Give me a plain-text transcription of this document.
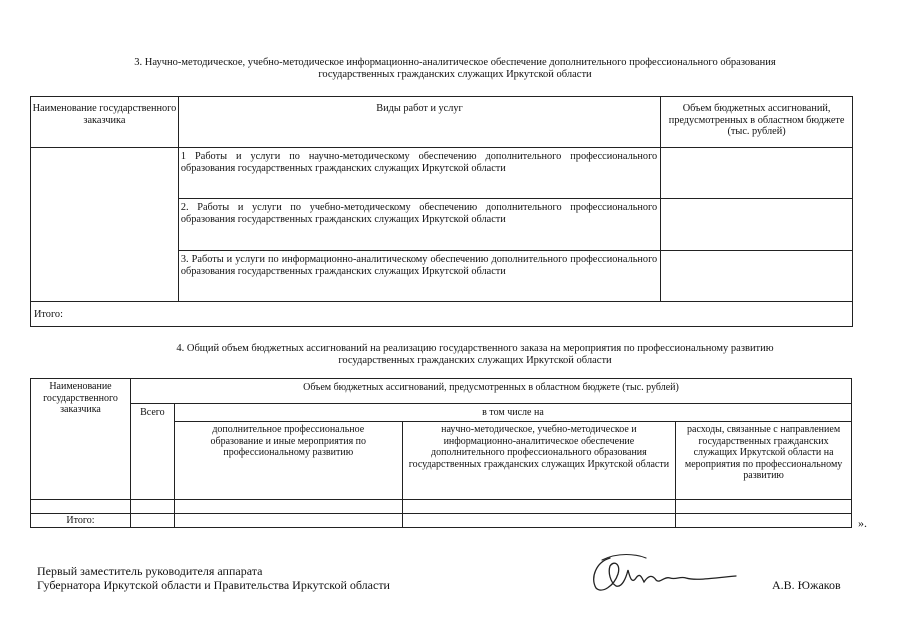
3. Научно-методическое, учебно-методическое информационно-аналитическое обеспечение дополнительного профессионального образования
государственных гражданских служащих Иркутской области
Наименование государственного заказчика	Виды работ и услуг	Объем бюджетных ассигнований, предусмотренных в областном бюджете (тыс. рублей)
	1 Работы и услуги по научно-методическому обеспечению дополнительного профессионального образования государственных гражданских служащих Иркутской области	
	2. Работы и услуги по учебно-методическому обеспечению дополнительного профессионального образования государственных гражданских служащих Иркутской области	
	3. Работы и услуги по информационно-аналитическому обеспечению дополнительного профессионального образования государственных гражданских служащих Иркутской области	
Итого:		
4. Общий объем бюджетных ассигнований на реализацию государственного заказа на мероприятия по профессиональному развитию
государственных гражданских служащих Иркутской области
Наименование государственного заказчика	Объем бюджетных ассигнований, предусмотренных в областном бюджете (тыс. рублей)			
	Всего	в том числе на		
		дополнительное профессиональное образование и иные мероприятия по профессиональному развитию	научно-методическое, учебно-методическое и информационно-аналитическое обеспечение дополнительного профессионального образования государственных гражданских служащих Иркутской области	расходы, связанные с направлением государственных гражданских служащих Иркутской области на мероприятия по профессиональному развитию

Итого:					».
Первый заместитель руководителя аппарата
Губернатора Иркутской области и Правительства Иркутской области	А.В. Южаков
